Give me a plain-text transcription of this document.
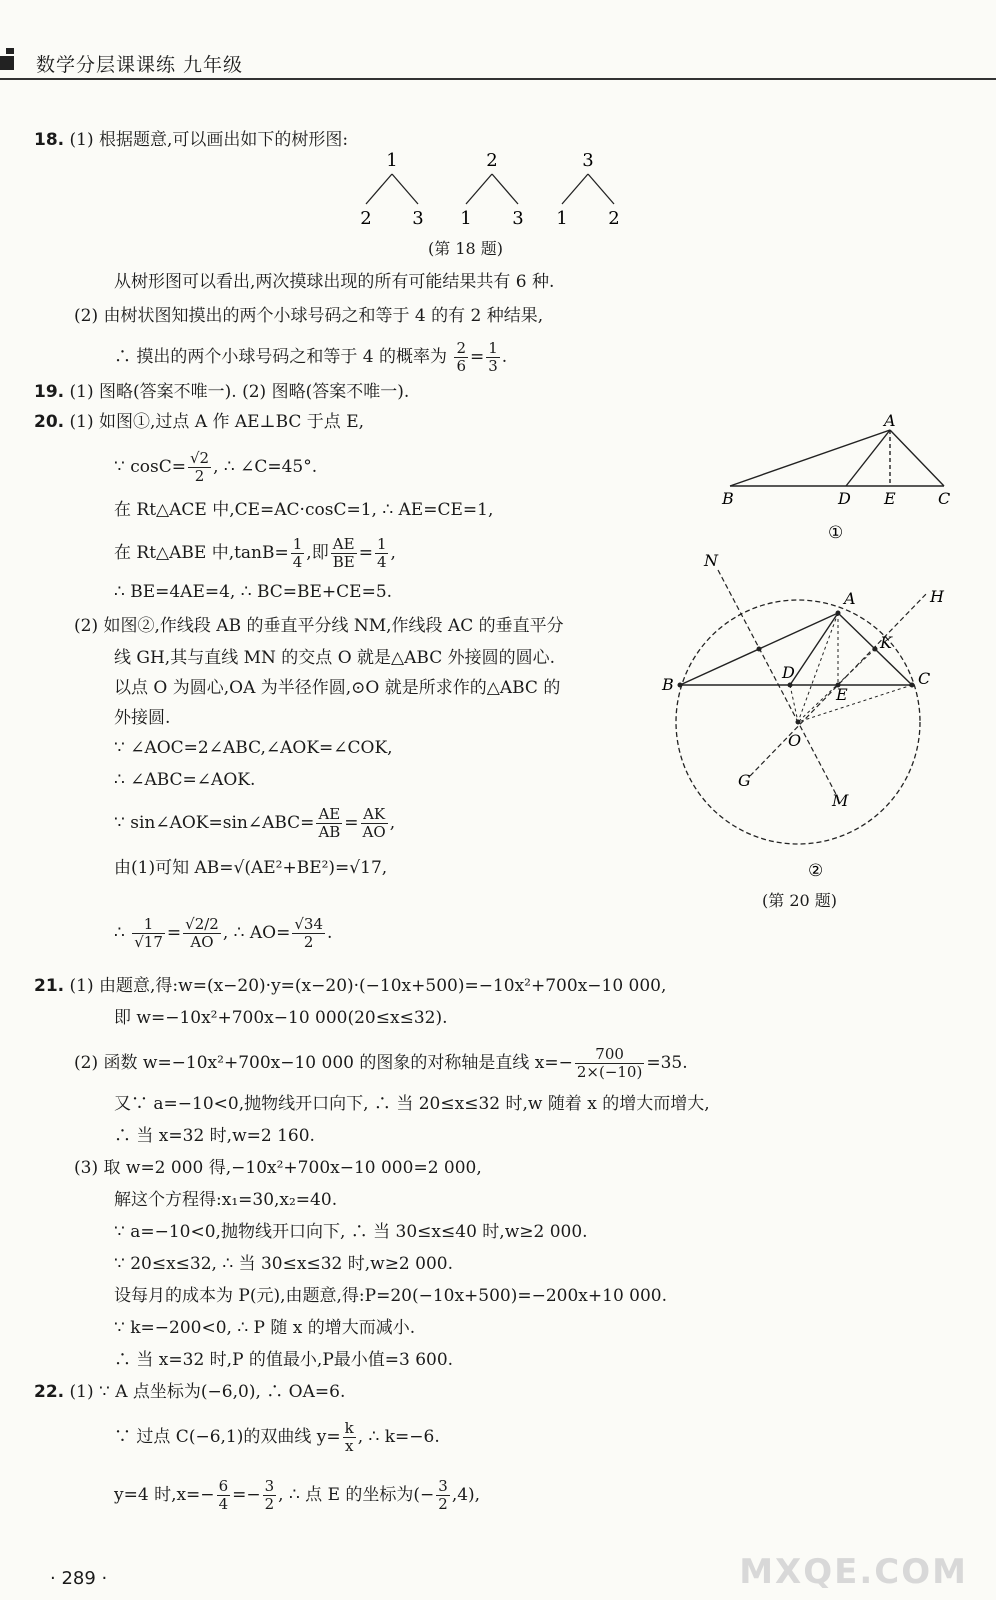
数学分层课课练 九年级
18. (1) 根据题意,可以画出如下的树形图:
1
2 3
2
1 3
3
1 2
(第 18 题)
从树形图可以看出,两次摸球出现的所有可能结果共有 6 种.
(2) 由树状图知摸出的两个小球号码之和等于 4 的有 2 种结果,
∴ 摸出的两个小球号码之和等于 4 的概率为 $\frac{2}{6} = \frac{1}{3}$ .
19. (1) 图略(答案不唯一). (2) 图略(答案不唯一).
20. (1) 如图①,过点 A 作 AE⊥BC 于点 E,
∵ $\cos C= \frac{√2}{2}$ , ∴ ∠C=45°.
在 Rt△ACE 中,CE=AC·cosC=1, ∴ AE=CE=1,
在 Rt△ABE 中$,\tan B= \frac{1}{4}$ ,即 $\frac{AE}{BE} = \frac{1}{4}$ ,
∴ BE=4AE=4, ∴ BC=BE+CE=5.
(2) 如图②,作线段 AB 的垂直平分线 NM,作线段 AC 的垂直平分
线 GH,其与直线 MN 的交点 O 就是△ABC 外接圆的圆心.
以点 O 为圆心,OA 为半径作圆,⊙O 就是所求作的△ABC 的
外接圆.
∵ ∠AOC=2∠ABC,∠AOK=∠COK,
∴ ∠ABC=∠AOK.
∵ sin∠AOK=sin∠ABC= $\frac{AE}{AB} = \frac{AK}{AO}$ ,
由(1)可知 AB=√(AE²+BE²)=√17,
∴ $\frac{1}{√17} = \frac{√2/2}{AO}$ , ∴ $AO= \frac{√34}{2}$ .
A
B	C
D E
①
A
B	C
D
E
K
O
N
M
G
H
②
(第 20 题)
21. (1) 由题意,得:w=(x−20)·y=(x−20)·(−10x+500)=−10x²+700x−10 000,
即 w=−10x²+700x−10 000(20≤x≤32).
(2) 函数 w=−10x²+700x−10 000 的图象的对称轴是直线 $x=- \frac{700}{2\times(-10)} =35$.
又∵ a=−10<0,抛物线开口向下, ∴ 当 20≤x≤32 时,w 随着 x 的增大而增大,
∴ 当 x=32 时,w=2 160.
(3) 取 w=2 000 得,−10x²+700x−10 000=2 000,
解这个方程得:x₁=30,x₂=40.
∵ a=−10<0,抛物线开口向下, ∴ 当 30≤x≤40 时,w≥2 000.
∵ 20≤x≤32, ∴ 当 30≤x≤32 时,w≥2 000.
设每月的成本为 P(元),由题意,得:P=20(−10x+500)=−200x+10 000.
∵ k=−200<0, ∴ P 随 x 的增大而减小.
∴ 当 x=32 时,P 的值最小,P最小值=3 600.
22. (1) ∵ A 点坐标为(−6,0), ∴ OA=6.
∵ 过点 C(−6,1)的双曲线 $y= \frac{k}{x}$ , ∴ k=−6.
y=4 时$,x=- \frac{6}{4} =- \frac{3}{2}$ , ∴ 点 E 的坐标为(− $\frac{3}{2} ,4$),
· 289 ·	MXQE.COM
